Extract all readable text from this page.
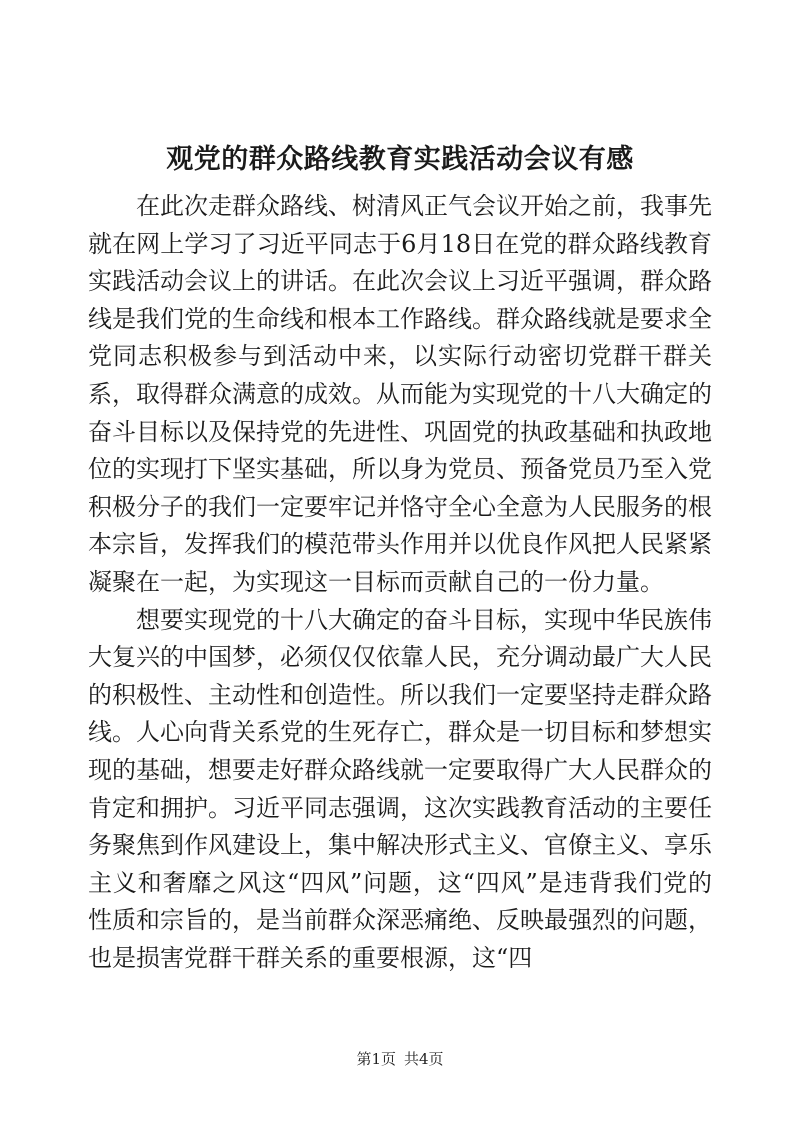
观党的群众路线教育实践活动会议有感

在此次走群众路线、树清风正气会议开始之前，我事先就在网上学习了习近平同志于6月18日在党的群众路线教育实践活动会议上的讲话。在此次会议上习近平强调，群众路线是我们党的生命线和根本工作路线。群众路线就是要求全党同志积极参与到活动中来，以实际行动密切党群干群关系，取得群众满意的成效。从而能为实现党的十八大确定的奋斗目标以及保持党的先进性、巩固党的执政基础和执政地位的实现打下坚实基础，所以身为党员、预备党员乃至入党积极分子的我们一定要牢记并恪守全心全意为人民服务的根本宗旨，发挥我们的模范带头作用并以优良作风把人民紧紧凝聚在一起，为实现这一目标而贡献自己的一份力量。

想要实现党的十八大确定的奋斗目标，实现中华民族伟大复兴的中国梦，必须仅仅依靠人民，充分调动最广大人民的积极性、主动性和创造性。所以我们一定要坚持走群众路线。人心向背关系党的生死存亡，群众是一切目标和梦想实现的基础，想要走好群众路线就一定要取得广大人民群众的肯定和拥护。习近平同志强调，这次实践教育活动的主要任务聚焦到作风建设上，集中解决形式主义、官僚主义、享乐主义和奢靡之风这“四风”问题，这“四风”是违背我们党的性质和宗旨的，是当前群众深恶痛绝、反映最强烈的问题，也是损害党群干群关系的重要根源，这“四

第1页 共4页
